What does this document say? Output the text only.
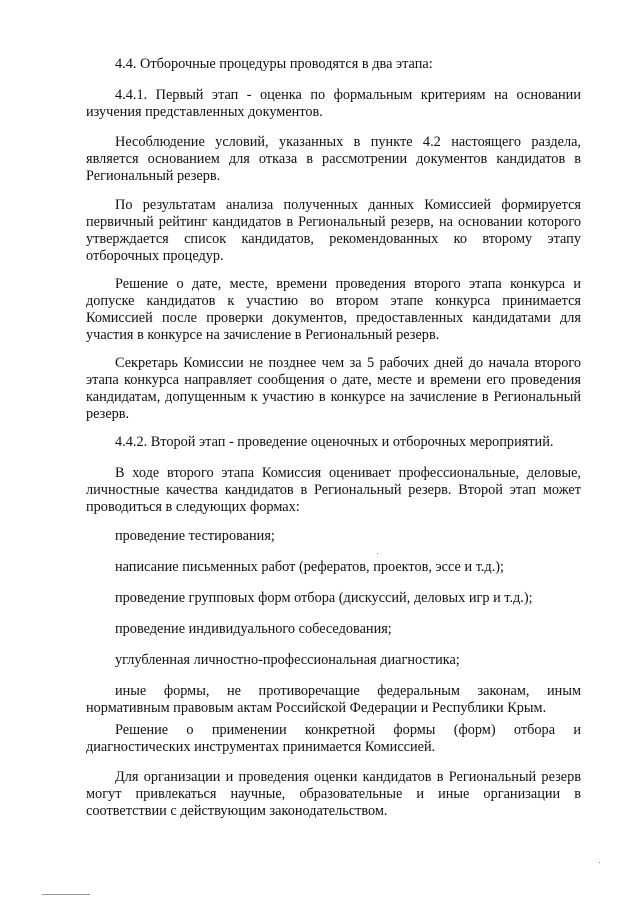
4.4. Отборочные процедуры проводятся в два этапа:

4.4.1. Первый этап - оценка по формальным критериям на основании изучения представленных документов.

Несоблюдение условий, указанных в пункте 4.2 настоящего раздела, является основанием для отказа в рассмотрении документов кандидатов в Региональный резерв.

По результатам анализа полученных данных Комиссией формируется первичный рейтинг кандидатов в Региональный резерв, на основании которого утверждается список кандидатов, рекомендованных ко второму этапу отборочных процедур.

Решение о дате, месте, времени проведения второго этапа конкурса и допуске кандидатов к участию во втором этапе конкурса принимается Комиссией после проверки документов, предоставленных кандидатами для участия в конкурсе на зачисление в Региональный резерв.

Секретарь Комиссии не позднее чем за 5 рабочих дней до начала второго этапа конкурса направляет сообщения о дате, месте и времени его проведения кандидатам, допущенным к участию в конкурсе на зачисление в Региональный резерв.

4.4.2. Второй этап - проведение оценочных и отборочных мероприятий.

В ходе второго этапа Комиссия оценивает профессиональные, деловые, личностные качества кандидатов в Региональный резерв. Второй этап может проводиться в следующих формах:

проведение тестирования;

написание письменных работ (рефератов, проектов, эссе и т.д.);

проведение групповых форм отбора (дискуссий, деловых игр и т.д.);

проведение индивидуального собеседования;

углубленная личностно-профессиональная диагностика;

иные формы, не противоречащие федеральным законам, иным нормативным правовым актам Российской Федерации и Республики Крым.

Решение о применении конкретной формы (форм) отбора и диагностических инструментах принимается Комиссией.

Для организации и проведения оценки кандидатов в Региональный резерв могут привлекаться научные, образовательные и иные организации в соответствии с действующим законодательством.
